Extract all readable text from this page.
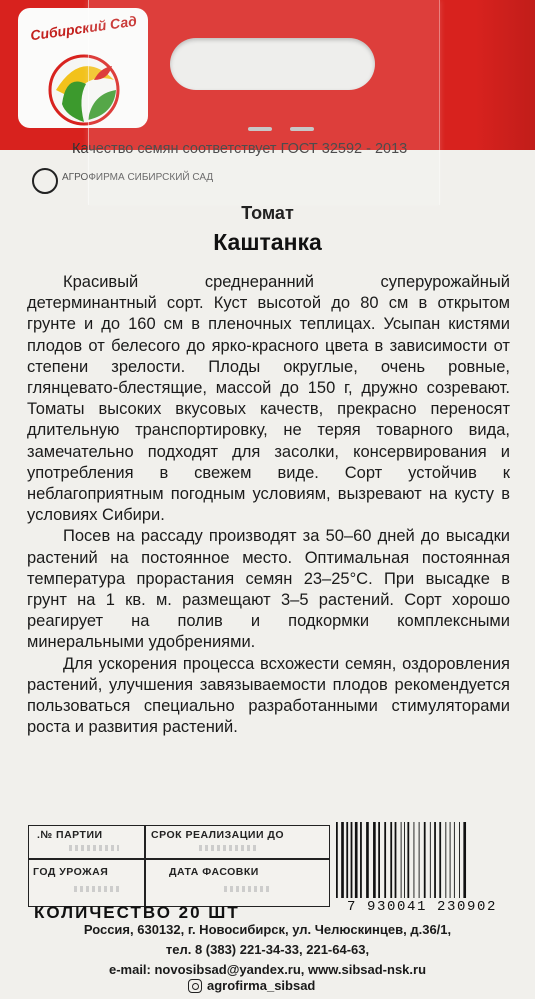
Сибирский Сад
Качество семян соответствует ГОСТ 32592 - 2013
АГРОФИРМА СИБИРСКИЙ САД
Томат
Каштанка

Красивый среднеранний суперурожайный детерминантный сорт. Куст высотой до 80 см в открытом грунте и до 160 см в пленочных теплицах. Усыпан кистями плодов от белесого до ярко-красного цвета в зависимости от степени зрелости. Плоды округлые, очень ровные, глянцевато-блестящие, массой до 150 г, дружно созревают. Томаты высоких вкусовых качеств, прекрасно переносят длительную транспортировку, не теряя товарного вида, замечательно подходят для засолки, консервирования и употребления в свежем виде. Сорт устойчив к неблагоприятным погодным условиям, вызревают на кусту в условиях Сибири.

Посев на рассаду производят за 50–60 дней до высадки растений на постоянное место. Оптимальная постоянная температура прорастания семян 23–25°С. При высадке в грунт на 1 кв. м. размещают 3–5 растений. Сорт хорошо реагирует на полив и подкормки комплексными минеральными удобрениями.

Для ускорения процесса всхожести семян, оздоровления растений, улучшения завязываемости плодов рекомендуется пользоваться специально разработанными стимуляторами роста и развития растений.

.№ ПАРТИИ	СРОК РЕАЛИЗАЦИИ ДО
ГОД УРОЖАЯ	ДАТА ФАСОВКИ
7 930041 230902
КОЛИЧЕСТВО 20 ШТ
Россия, 630132, г. Новосибирск, ул. Челюскинцев, д.36/1,
тел. 8 (383) 221-34-33, 221-64-63,
e-mail: novosibsad@yandex.ru, www.sibsad-nsk.ru
agrofirma_sibsad
